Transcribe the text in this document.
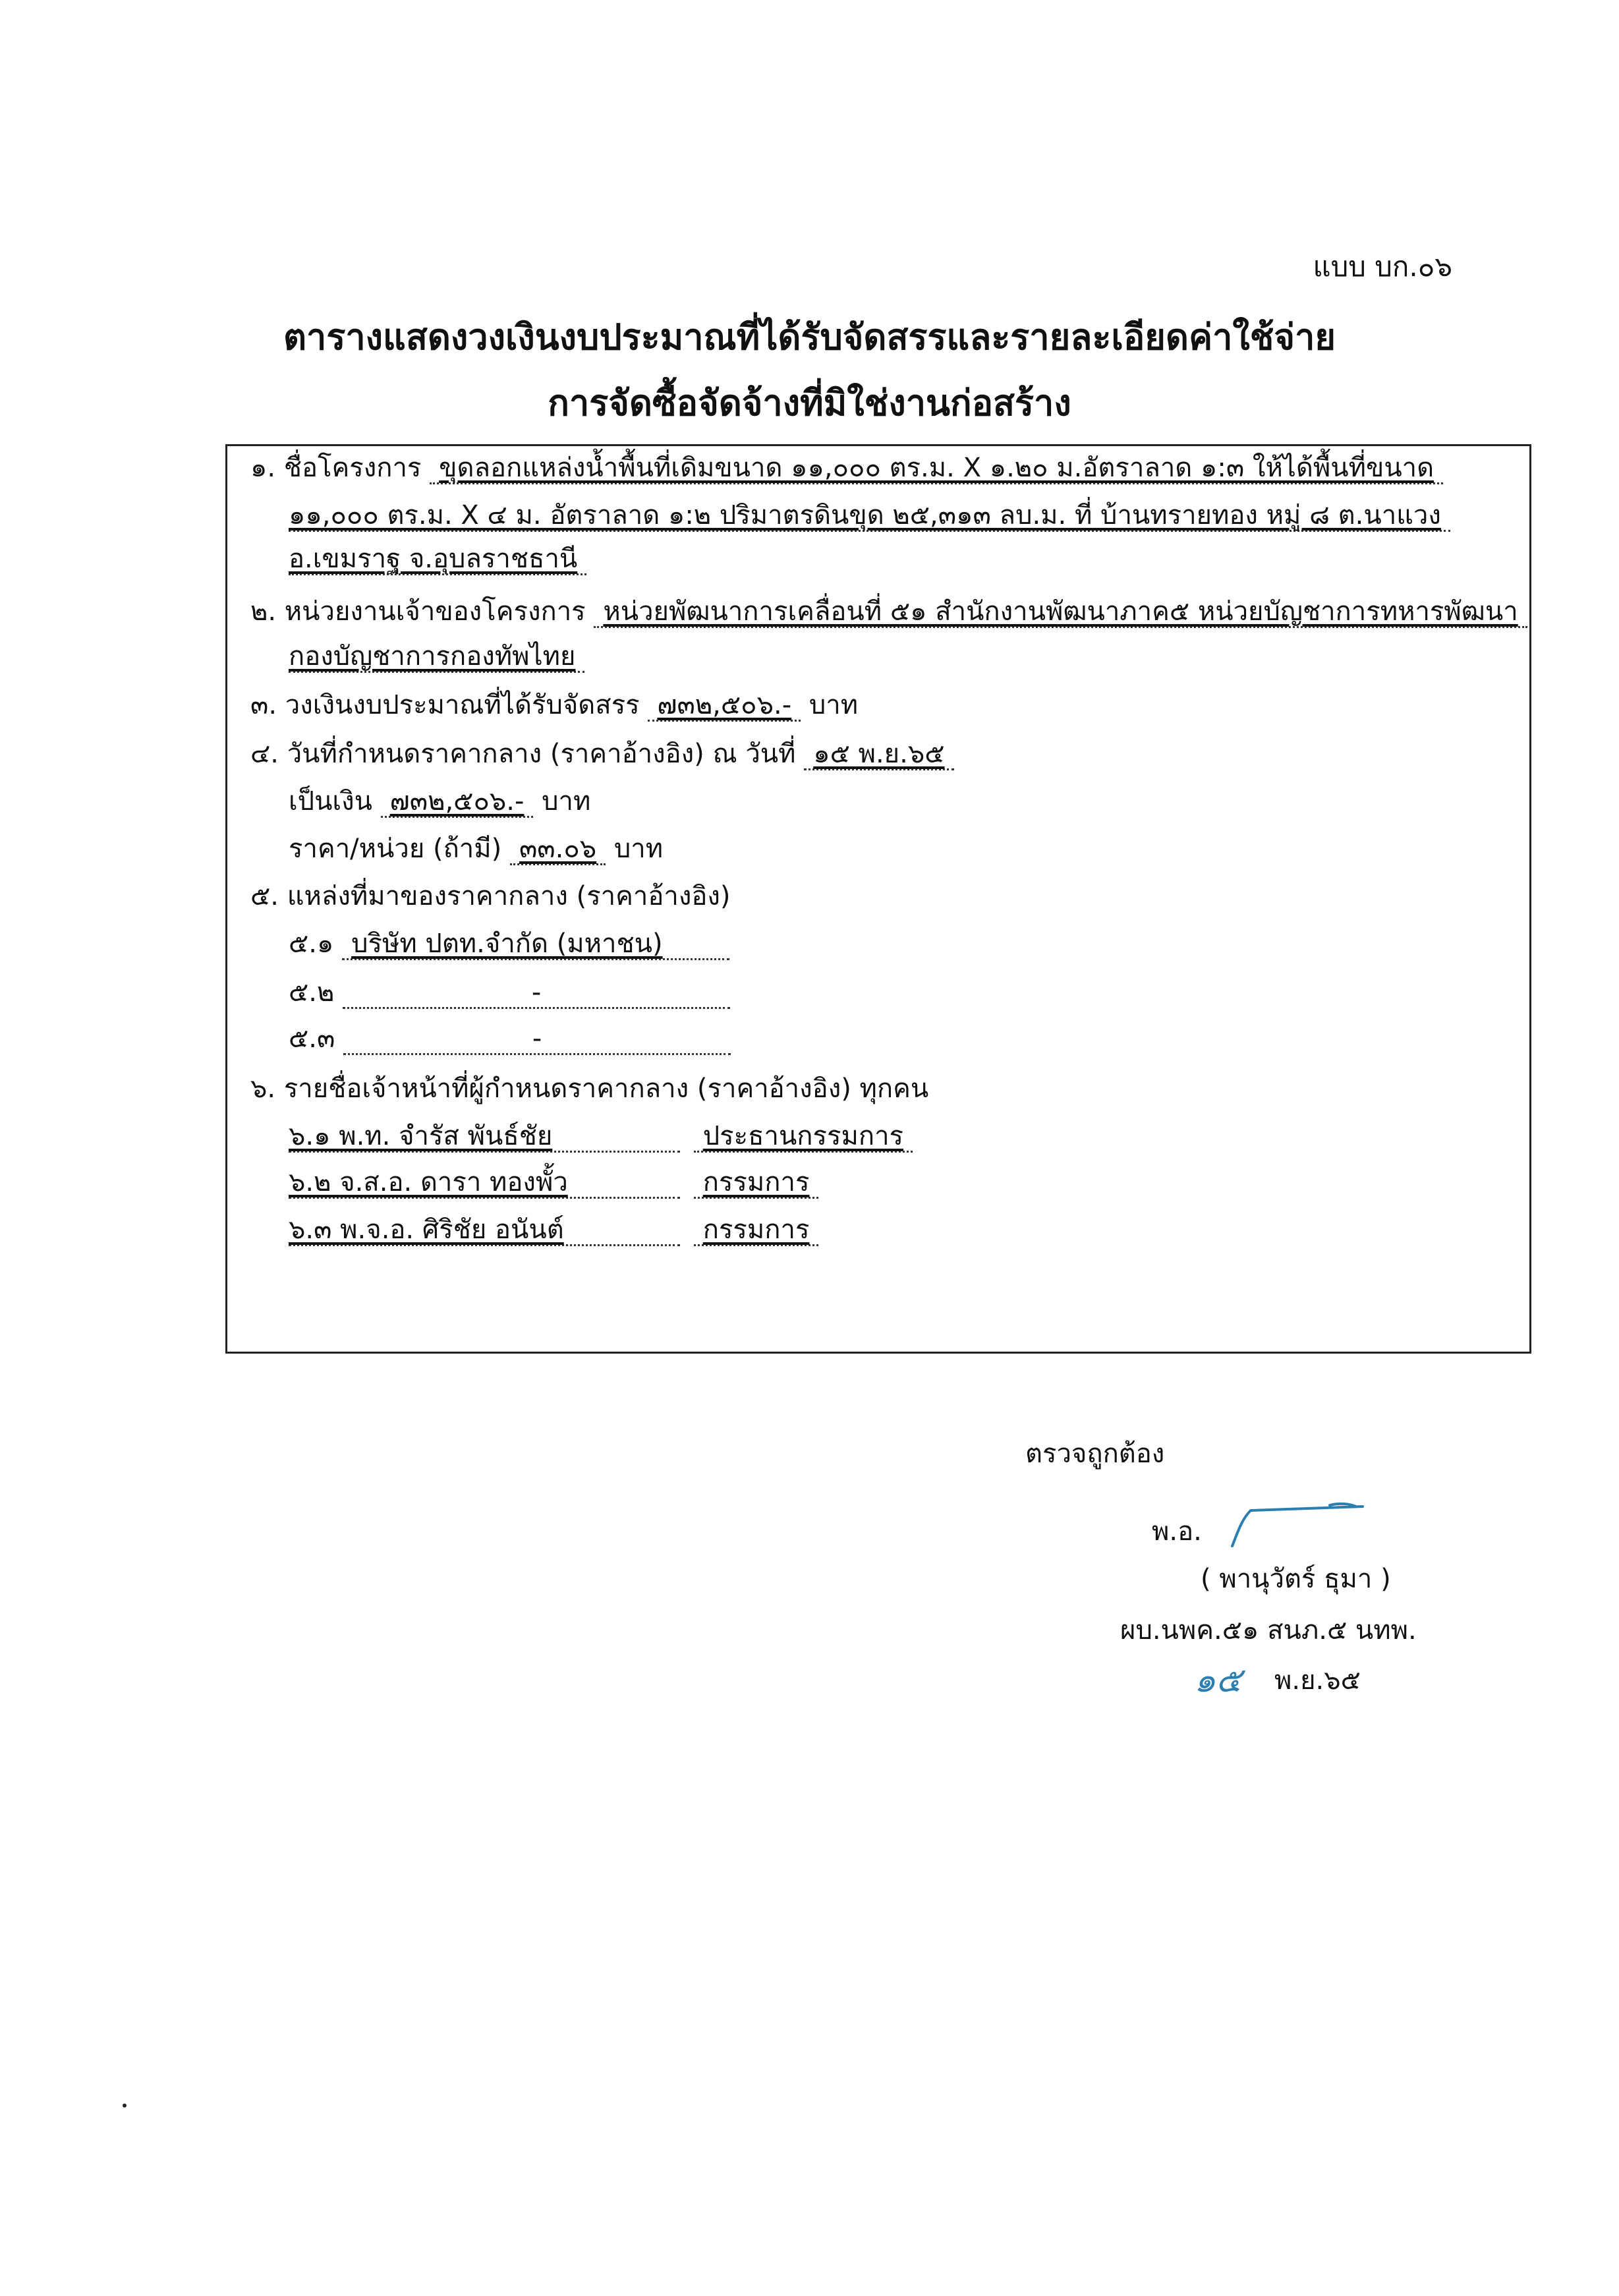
แบบ บก.๐๖
ตารางแสดงวงเงินงบประมาณที่ได้รับจัดสรรและรายละเอียดค่าใช้จ่าย
การจัดซื้อจัดจ้างที่มิใช่งานก่อสร้าง
๑. ชื่อโครงการ ขุดลอกแหล่งน้ำพื้นที่เดิมขนาด ๑๑,๐๐๐ ตร.ม. X ๑.๒๐ ม.อัตราลาด ๑:๓ ให้ได้พื้นที่ขนาด
๑๑,๐๐๐ ตร.ม. X ๔ ม. อัตราลาด ๑:๒ ปริมาตรดินขุด ๒๕,๓๑๓ ลบ.ม. ที่ บ้านทรายทอง หมู่ ๘ ต.นาแวง
อ.เขมราฐ จ.อุบลราชธานี
๒. หน่วยงานเจ้าของโครงการ หน่วยพัฒนาการเคลื่อนที่ ๕๑ สำนักงานพัฒนาภาค๕ หน่วยบัญชาการทหารพัฒนา
กองบัญชาการกองทัพไทย
๓. วงเงินงบประมาณที่ได้รับจัดสรร ๗๓๒,๕๐๖.- บาท
๔. วันที่กำหนดราคากลาง (ราคาอ้างอิง) ณ วันที่ ๑๕ พ.ย.๖๕
เป็นเงิน ๗๓๒,๕๐๖.- บาท
ราคา/หน่วย (ถ้ามี) ๓๓.๐๖ บาท
๕. แหล่งที่มาของราคากลาง (ราคาอ้างอิง)
๕.๑ บริษัท ปตท.จำกัด (มหาชน)
๕.๒	-
๕.๓	-
๖. รายชื่อเจ้าหน้าที่ผู้กำหนดราคากลาง (ราคาอ้างอิง) ทุกคน
๖.๑ พ.ท. จำรัส พันธ์ชัย	ประธานกรรมการ
๖.๒ จ.ส.อ. ดารา ทองพั้ว	กรรมการ
๖.๓ พ.จ.อ. ศิริชัย อนันต์	กรรมการ
ตรวจถูกต้อง
พ.อ.
( พานุวัตร์ ธุมา )
ผบ.นพค.๕๑ สนภ.๕ นทพ.
๑๕ พ.ย.๖๕
